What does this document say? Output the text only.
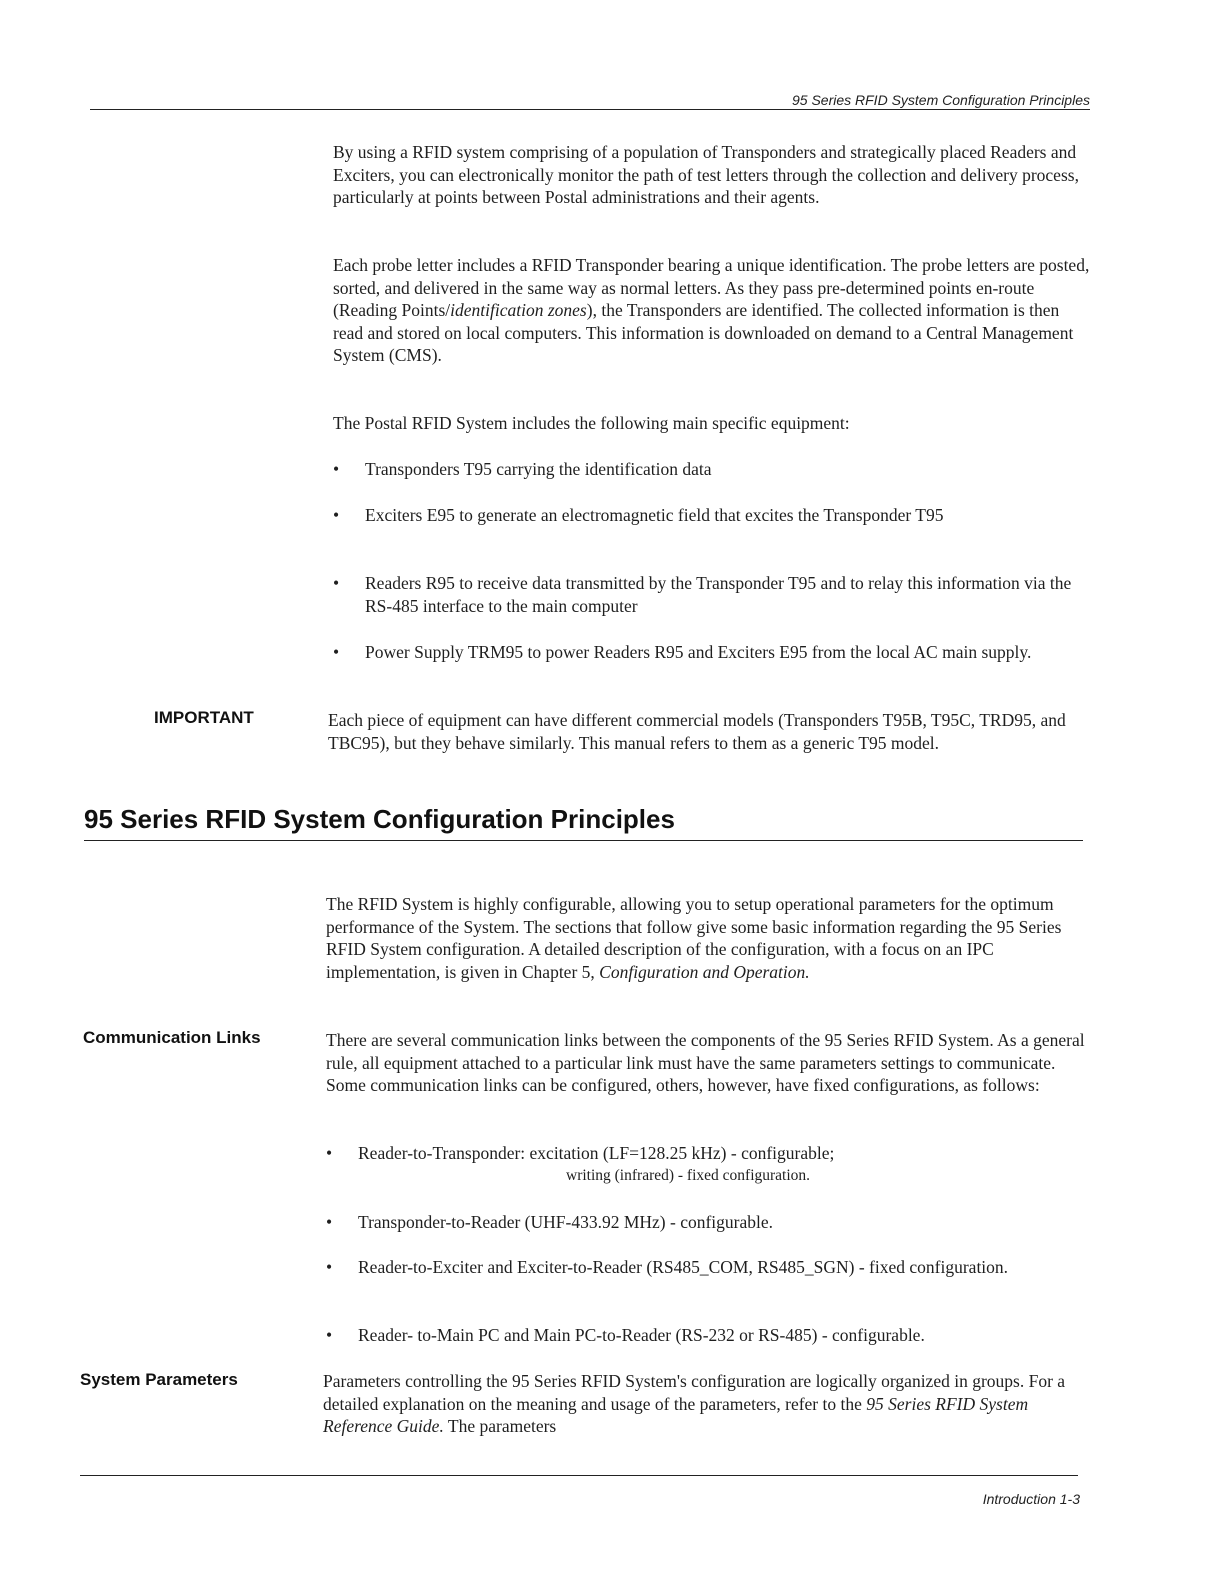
95 Series RFID System Configuration Principles

By using a RFID system comprising of a population of Transponders and strategically placed Readers and Exciters, you can electronically monitor the path of test letters through the collection and delivery process, particularly at points between Postal administrations and their agents.

Each probe letter includes a RFID Transponder bearing a unique identification. The probe letters are posted, sorted, and delivered in the same way as normal letters. As they pass pre-determined points en-route (Reading Points/identification zones), the Transponders are identified. The collected information is then read and stored on local computers. This information is downloaded on demand to a Central Management System (CMS).

The Postal RFID System includes the following main specific equipment:

•	Transponders T95 carrying the identification data
•	Exciters E95 to generate an electromagnetic field that excites the Transponder T95
•	Readers R95 to receive data transmitted by the Transponder T95 and to relay this information via the RS-485 interface to the main computer
•	Power Supply TRM95 to power Readers R95 and Exciters E95 from the local AC main supply.
IMPORTANT	Each piece of equipment can have different commercial models (Transponders T95B, T95C, TRD95, and TBC95), but they behave similarly. This manual refers to them as a generic T95 model.

95 Series RFID System Configuration Principles

The RFID System is highly configurable, allowing you to setup operational parameters for the optimum performance of the System. The sections that follow give some basic information regarding the 95 Series RFID System configuration. A detailed description of the configuration, with a focus on an IPC implementation, is given in Chapter 5, Configuration and Operation.

Communication Links	There are several communication links between the components of the 95 Series RFID System. As a general rule, all equipment attached to a particular link must have the same parameters settings to communicate. Some communication links can be configured, others, however, have fixed configurations, as follows:

•	Reader-to-Transponder: excitation (LF=128.25 kHz) - configurable;
writing (infrared) - fixed configuration.
•	Transponder-to-Reader (UHF-433.92 MHz) - configurable.
•	Reader-to-Exciter and Exciter-to-Reader (RS485_COM, RS485_SGN) - fixed configuration.
•	Reader- to-Main PC and Main PC-to-Reader (RS-232 or RS-485) - configurable.
System Parameters	Parameters controlling the 95 Series RFID System's configuration are logically organized in groups. For a detailed explanation on the meaning and usage of the parameters, refer to the 95 Series RFID System Reference Guide. The parameters

Introduction 1-3
